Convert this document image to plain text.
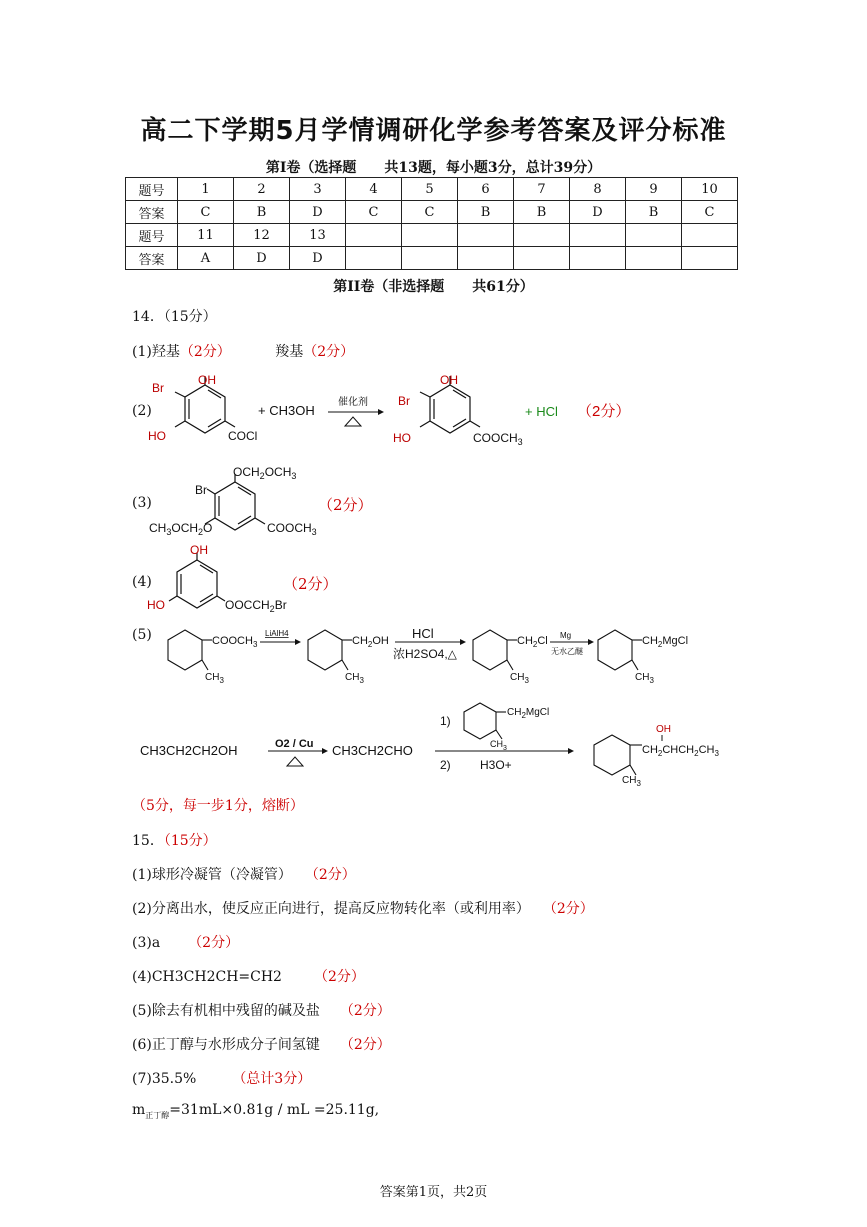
高二下学期5月学情调研化学参考答案及评分标准
第Ⅰ卷（选择题　　共13题，每小题3分，总计39分）
题号	1	2	3	4	5	6	7	8	9	10
答案	C	B	D	C	C	B	B	D	B	C
题号	11	12	13							
答案	A	D	D							
第II卷（非选择题　　共61分）
14．（15分）
(1)羟基（2分）	羧基（2分）
(2)
OH
Br
HO	COCl
+ CH3OH
催化剂
OH
Br
HO	$COOCH_3$
+ HCl （2分）
(3)
$OCH_2OCH_3$
Br
$CH_3OCH_2O$	$COOCH_3$
（2分）
(4)
OH
HO	$OOCCH_2Br$
（2分）
(5)	$COOCH_3$
$CH_3$
LiAlH4
$CH_2OH$
$CH_3$
HCl
浓H2SO4,△
$CH_2Cl$
$CH_3$
Mg
无水乙醚
$CH_2MgCl$
$CH_3$
CH3CH2CH2OH	O2 / Cu CH3CH2CHO
1)
$CH_2MgCl$
$CH_3$
2) H3O+
OH
$CH_2CHCH_2CH_3$
$CH_3$
（5分，每一步1分，熔断）
15．（15分）
(1)球形冷凝管（冷凝管） （2分）
(2)分离出水，使反应正向进行，提高反应物转化率（或利用率） （2分）
(3)a （2分）
(4)CH3CH2CH=CH2 （2分）
(5)除去有机相中残留的碱及盐 （2分）
(6)正丁醇与水形成分子间氢键 （2分）
(7)35.5%	（总计3分）
$m_{正丁醇}=31mL\times 0.81g$ / mL =25.11g,
答案第1页，共2页
